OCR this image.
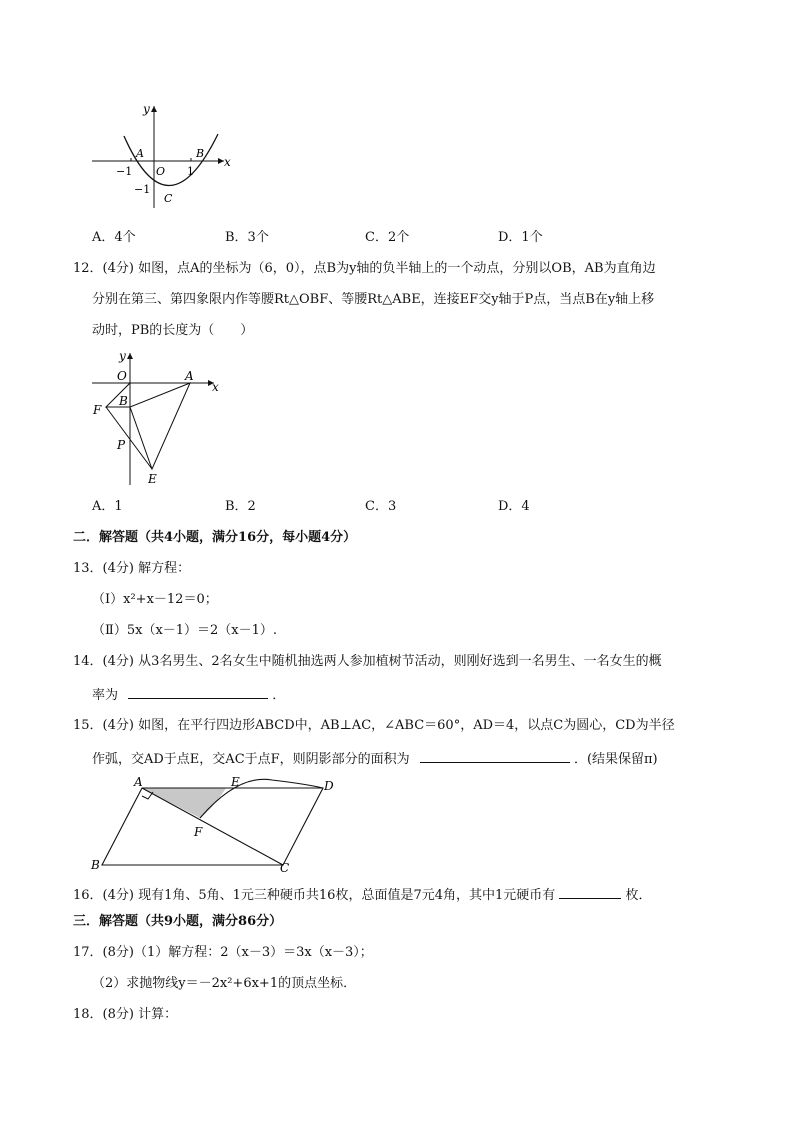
y
x
A	B
O
C
−1	1
−1
A．4个	B．3个	C．2个	D．1个
12．(4分) 如图，点A的坐标为（6，0），点B为y轴的负半轴上的一个动点，分别以OB，AB为直角边
分别在第三、第四象限内作等腰Rt△OBF、等腰Rt△ABE，连接EF交y轴于P点，当点B在y轴上移
动时，PB的长度为（　　）
y
x
O	A
F
B
P
E
A．1	B．2	C．3	D．4
二．解答题（共4小题，满分16分，每小题4分）
13．(4分) 解方程：
（Ⅰ）x²+x－12＝0；
（Ⅱ）5x（x－1）＝2（x－1）.
14．(4分) 从3名男生、2名女生中随机抽选两人参加植树节活动，则刚好选到一名男生、一名女生的概
率为	．
15．(4分) 如图，在平行四边形ABCD中，AB⊥AC，∠ABC＝60°，AD＝4，以点C为圆心，CD为半径
作弧，交AD于点E，交AC于点F，则阴影部分的面积为	．(结果保留π)
A	E	D
F
B	C
16．(4分) 现有1角、5角、1元三种硬币共16枚，总面值是7元4角，其中1元硬币有	枚．
三．解答题（共9小题，满分86分）
17．(8分)（1）解方程：2（x－3）＝3x（x－3）；
（2）求抛物线y＝－2x²+6x+1的顶点坐标．
18．(8分) 计算：
